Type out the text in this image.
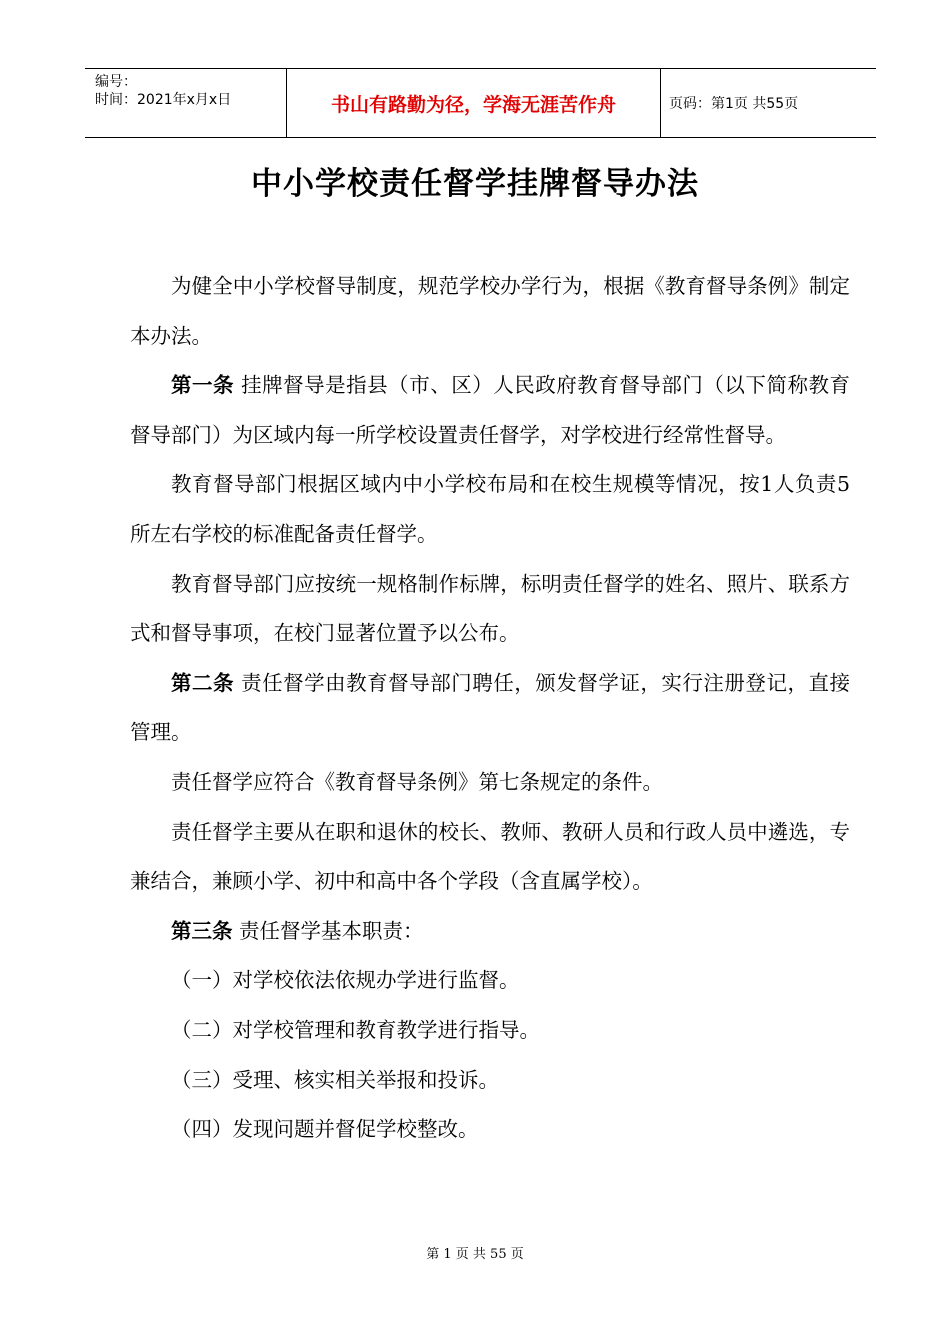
编号：
时间：2021年x月x日	书山有路勤为径，学海无涯苦作舟	页码：第1页 共55页
中小学校责任督学挂牌督导办法

为健全中小学校督导制度，规范学校办学行为，根据《教育督导条例》制定本办法。

第一条 挂牌督导是指县（市、区）人民政府教育督导部门（以下简称教育督导部门）为区域内每一所学校设置责任督学，对学校进行经常性督导。

教育督导部门根据区域内中小学校布局和在校生规模等情况，按1人负责5所左右学校的标准配备责任督学。

教育督导部门应按统一规格制作标牌，标明责任督学的姓名、照片、联系方式和督导事项，在校门显著位置予以公布。

第二条 责任督学由教育督导部门聘任，颁发督学证，实行注册登记，直接管理。

责任督学应符合《教育督导条例》第七条规定的条件。

责任督学主要从在职和退休的校长、教师、教研人员和行政人员中遴选，专兼结合，兼顾小学、初中和高中各个学段（含直属学校）。

第三条 责任督学基本职责：

（一）对学校依法依规办学进行监督。

（二）对学校管理和教育教学进行指导。

（三）受理、核实相关举报和投诉。

（四）发现问题并督促学校整改。

第 1 页 共 55 页
